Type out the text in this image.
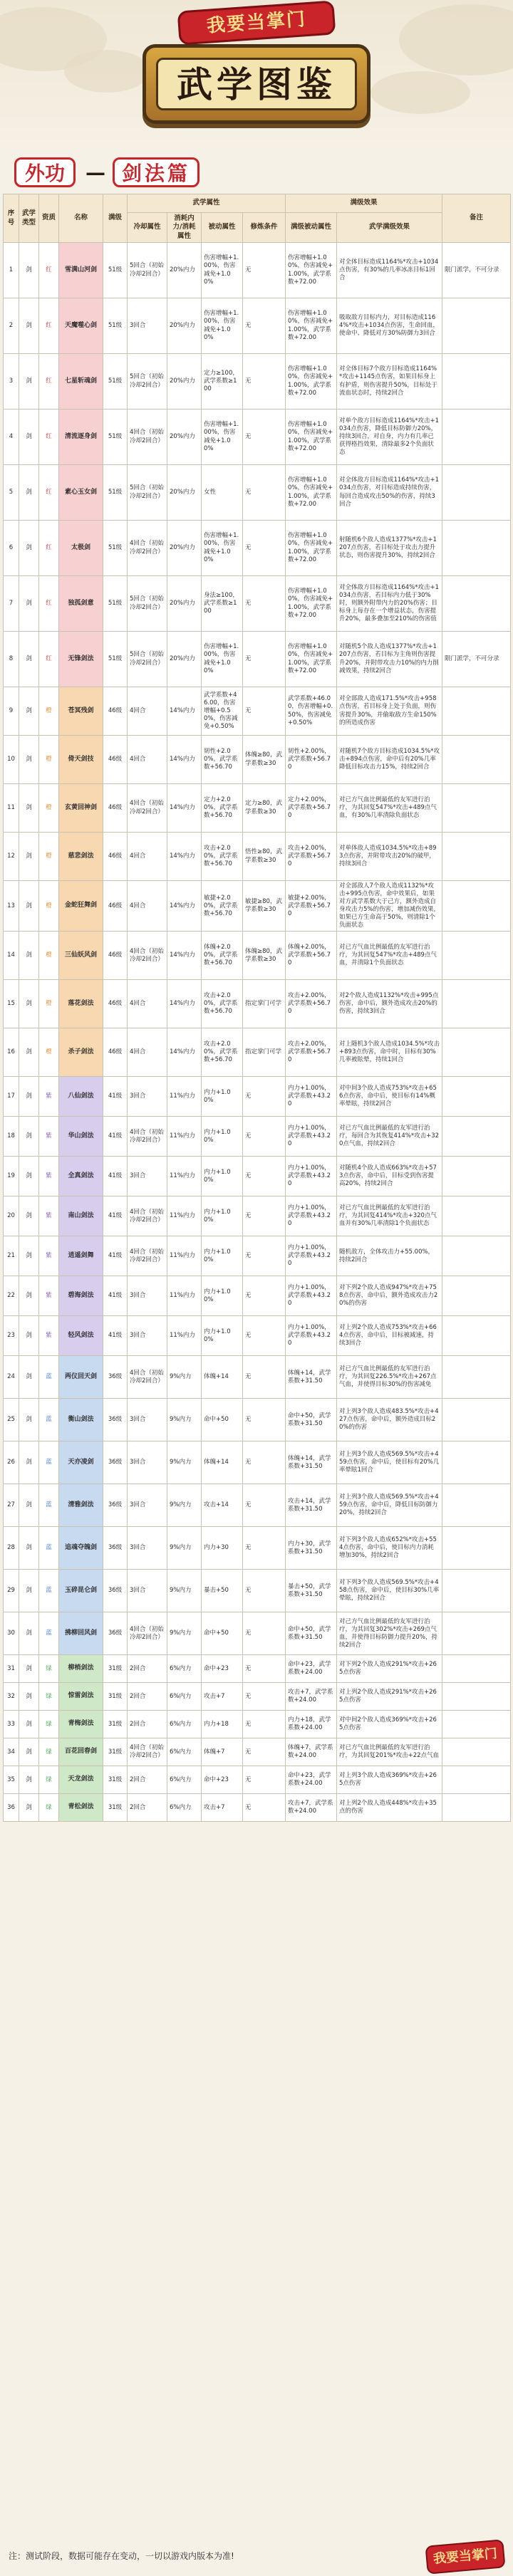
武学图鉴
我要当掌门
外功	— 剑法篇
序号	武学类型	资质	名称	满级	武学属性				满级效果		备注
					冷却属性	消耗内力/消耗属性	被动属性	修炼条件	满级被动属性	武学满级效果	
1	剑	红	雪满山河剑	51级	5回合（初始冷却2回合）	20%内力	伤害增幅+1.00%，伤害减免+1.00%	无	伤害增幅+1.00%，伤害减免+1.00%，武学系数+72.00	对全体目标造成1164%*攻击+1034点伤害，有30%的几率冰冻目标1回合	限门派学，不可分录
2	剑	红	天魔噬心剑	51级	3回合	20%内力	伤害增幅+1.00%，伤害减免+1.00%	无	伤害增幅+1.00%，伤害减免+1.00%，武学系数+72.00	吸取敌方目标内力，对目标造成1164%*攻击+1034点伤害，生命回血，使命中、降低对方30%防御力3回合	
3	剑	红	七星斩魂剑	51级	5回合（初始冷却2回合）	20%内力	定力≥100，武学系数≥100	无	伤害增幅+1.00%，伤害减免+1.00%，武学系数+72.00	对全体目标7个敌方目标造成1164%*攻击+1145点伤害，如果目标身上有护盾，则伤害提升50%，目标处于流血状态时，持续2回合	
4	剑	红	清流逐身剑	51级	4回合（初始冷却2回合）	20%内力	伤害增幅+1.00%，伤害减免+1.00%	无	伤害增幅+1.00%，伤害减免+1.00%，武学系数+72.00	对单个敌方目标造成1164%*攻击+1034点伤害，降低目标防御力20%，持续3回合，对自身，内力有几率已获得格挡效果，清除最多2个负面状态	
5	剑	红	素心玉女剑	51级	5回合（初始冷却2回合）	20%内力	女性	无	伤害增幅+1.00%，伤害减免+1.00%，武学系数+72.00	对全体敌方目标造成1164%*攻击+1034点伤害，对目标造成持续伤害，每回合造成攻击50%的伤害，持续3回合	
6	剑	红	太极剑	51级	4回合（初始冷却2回合）	20%内力	伤害增幅+1.00%，伤害减免+1.00%	无	伤害增幅+1.00%，伤害减免+1.00%，武学系数+72.00	射随机6个敌人造成1377%*攻击+1207点伤害，若目标处于攻击力提升状态，则伤害提升30%，持续2回合	
7	剑	红	独孤剑意	51级	5回合（初始冷却2回合）	20%内力	身法≥100，武学系数≥100	无	伤害增幅+1.00%，伤害减免+1.00%，武学系数+72.00	对全体敌方目标造成1164%*攻击+1034点伤害，若目标内力低于30%时，则额外附带内力的20%伤害；目标身上每存在一个增益状态，伤害提升20%，最多叠加至210%的伤害值	
8	剑	红	无锋剑法	51级	5回合（初始冷却2回合）	20%内力	伤害增幅+1.00%，伤害减免+1.00%	无	伤害增幅+1.00%，伤害减免+1.00%，武学系数+72.00	对随机5个敌人造成1377%*攻击+1207点伤害，若目标为主角则伤害提升20%，并附带攻击力10%的内力削减效果，持续2回合	限门派学，不可分录
9	剑	橙	苍冥残剑	46级	4回合	14%内力	武学系数+46.00，伤害增幅+0.50%，伤害减免+0.50%	无	武学系数+46.00，伤害增幅+0.50%，伤害减免+0.50%	对全部敌人造成171.5%*攻击+958点伤害，若目标身上处于负面，则伤害提升30%，并偷取敌方生命150%的所造成伤害	
10	剑	橙	倚天剑技	46级	4回合	14%内力	韧性+2.00%，武学系数+56.70	体魄≥80，武学系数≥30	韧性+2.00%，武学系数+56.70	对随机7个敌方目标造成1034.5%*攻击+894点伤害，命中后有20%几率降低目标攻击力15%，持续2回合	
11	剑	橙	玄黄回神剑	46级	4回合（初始冷却2回合）	14%内力	定力+2.00%，武学系数+56.70	定力≥80，武学系数≥30	定力+2.00%，武学系数+56.70	对已方气血比例最低的友军进行治疗，为其回复547%*攻击+489点气血，有30%几率清除负面状态	
12	剑	橙	慈悲剑法	46级	4回合	14%内力	攻击+2.00%，武学系数+56.70	悟性≥80，武学系数≥30	攻击+2.00%，武学系数+56.70	对单体敌人造成1034.5%*攻击+893点伤害，并附带攻击20%的破甲，持续3回合	
13	剑	橙	金蛇狂舞剑	46级	4回合	14%内力	敏捷+2.00%，武学系数+56.70	敏捷≥80，武学系数≥30	敏捷+2.00%，武学系数+56.70	对全部敌人7个敌人造成1132%*攻击+995点伤害，命中效果后，如果对方武学系数大于己方，额外造成自身攻击力5%的伤害，增加减伤效果，如果已方生命高于50%，则清除1个负面状态	
14	剑	橙	三仙妖风剑	46级	4回合（初始冷却2回合）	14%内力	体魄+2.00%，武学系数+56.70	体魄≥80，武学系数≥30	体魄+2.00%，武学系数+56.70	对已方气血比例最低的友军进行治疗，为其回复547%*攻击+489点气血，并清除1个负面状态	
15	剑	橙	落花剑法	46级	4回合	14%内力	攻击+2.00%，武学系数+56.70	指定掌门可学	攻击+2.00%，武学系数+56.70	对2个敌人造成1132%*攻击+995点伤害，命中后，额外造成攻击20%的伤害，持续3回合	
16	剑	橙	杀子剑法	46级	4回合	14%内力	攻击+2.00%，武学系数+56.70	指定掌门可学	攻击+2.00%，武学系数+56.70	对上随机3个敌人造成1034.5%*攻击+893点伤害，命中时，目标有30%几率被眩晕，持续1回合	
17	剑	紫	八仙剑法	41级	3回合	11%内力	内力+1.00%	无	内力+1.00%，武学系数+43.20	对中间3个敌人造成753%*攻击+656点伤害，命中后，使目标有14%概率晕眩，持续2回合	
18	剑	紫	华山剑法	41级	4回合（初始冷却2回合）	11%内力	内力+1.00%	无	内力+1.00%，武学系数+43.20	对已方气血比例最低的友军进行治疗，每回合为其恢复414%*攻击+320点气血，持续2回合	
19	剑	紫	全真剑法	41级	3回合	11%内力	内力+1.00%	无	内力+1.00%，武学系数+43.20	对随机4个敌人造成663%*攻击+573点伤害，命中后，目标受到伤害提高20%，持续2回合	
20	剑	紫	南山剑法	41级	4回合（初始冷却2回合）	11%内力	内力+1.00%	无	内力+1.00%，武学系数+43.20	对已方气血比例最低的友军进行治疗，为其回复414%*攻击+320点气血并有30%几率清除1个负面状态	
21	剑	紫	逍遥剑舞	41级	4回合（初始冷却2回合）	11%内力	内力+1.00%	无	内力+1.00%，武学系数+43.20	随机敌方，全体攻击力+55.00%，持续2回合	
22	剑	紫	碧海剑法	41级	3回合	11%内力	内力+1.00%	无	内力+1.00%，武学系数+43.20	对下列2个敌人造成947%*攻击+758点伤害，命中后，额外造成攻击力20%的伤害	
23	剑	紫	轻风剑法	41级	3回合	11%内力	内力+1.00%	无	内力+1.00%，武学系数+43.20	对上列2个敌人造成753%*攻击+664点伤害，命中后，目标被减速，持续3回合	
24	剑	蓝	两仪回天剑	36级	4回合（初始冷却2回合）	9%内力	体魄+14	无	体魄+14，武学系数+31.50	对已方气血比例最低的友军进行治疗，为其回复226.5%*攻击+267点气血，并使得目标30%的伤害减免	
25	剑	蓝	衡山剑法	36级	3回合	9%内力	命中+50	无	命中+50，武学系数+31.50	对上列3个敌人造成483.5%*攻击+427点伤害，命中后，额外造成目标20%的伤害	
26	剑	蓝	天亦凌剑	36级	3回合	9%内力	体魄+14	无	体魄+14，武学系数+31.50	对上列3个敌人造成569.5%*攻击+459点伤害，命中后，使目标有20%几率晕眩1回合	
27	剑	蓝	清雅剑法	36级	3回合	9%内力	攻击+14	无	攻击+14，武学系数+31.50	对上列3个敌人造成569.5%*攻击+459点伤害，命中后，降低目标防御力20%，持续2回合	
28	剑	蓝	追魂夺魄剑	36级	3回合	9%内力	内力+30	无	内力+30，武学系数+31.50	对下列3个敌人造成652%*攻击+554点伤害，命中后，使目标内力消耗增加30%，持续2回合	
29	剑	蓝	玉碎昆仑剑	36级	3回合	9%内力	暴击+50	无	暴击+50，武学系数+31.50	对下列3个敌人造成569.5%*攻击+458点伤害，命中后，使目标30%几率晕眩，持续2回合	
30	剑	蓝	拂柳回风剑	36级	4回合（初始冷却2回合）	9%内力	命中+50	无	命中+50，武学系数+31.50	对己方气血比例最低的友军进行治疗，为其回复302%*攻击+269点气血，并使得目标防御力提升20%，持续2回合	
31	剑	绿	柳梢剑法	31级	2回合	6%内力	命中+23	无	命中+23，武学系数+24.00	对下列2个敌人造成291%*攻击+265点伤害	
32	剑	绿	惊雷剑法	31级	2回合	6%内力	攻击+7	无	攻击+7，武学系数+24.00	对上列2个敌人造成291%*攻击+265点伤害	
33	剑	绿	青梅剑法	31级	2回合	6%内力	内力+18	无	内力+18，武学系数+24.00	对中间2个敌人造成369%*攻击+265点伤害	
34	剑	绿	百花回春剑	31级	4回合（初始冷却2回合）	6%内力	体魄+7	无	体魄+7，武学系数+24.00	对已方气血比例最低的友军进行治疗，为其回复201%*攻击+22点气血	
35	剑	绿	天龙剑法	31级	2回合	6%内力	命中+23	无	命中+23，武学系数+24.00	对上列3个敌人造成369%*攻击+265点伤害	
36	剑	绿	青松剑法	31级	2回合	6%内力	攻击+7	无	攻击+7，武学系数+24.00	对上列2个敌人造成448%*攻击+35点的伤害	
注：测试阶段，数据可能存在变动，一切以游戏内版本为准!	我要当掌门
